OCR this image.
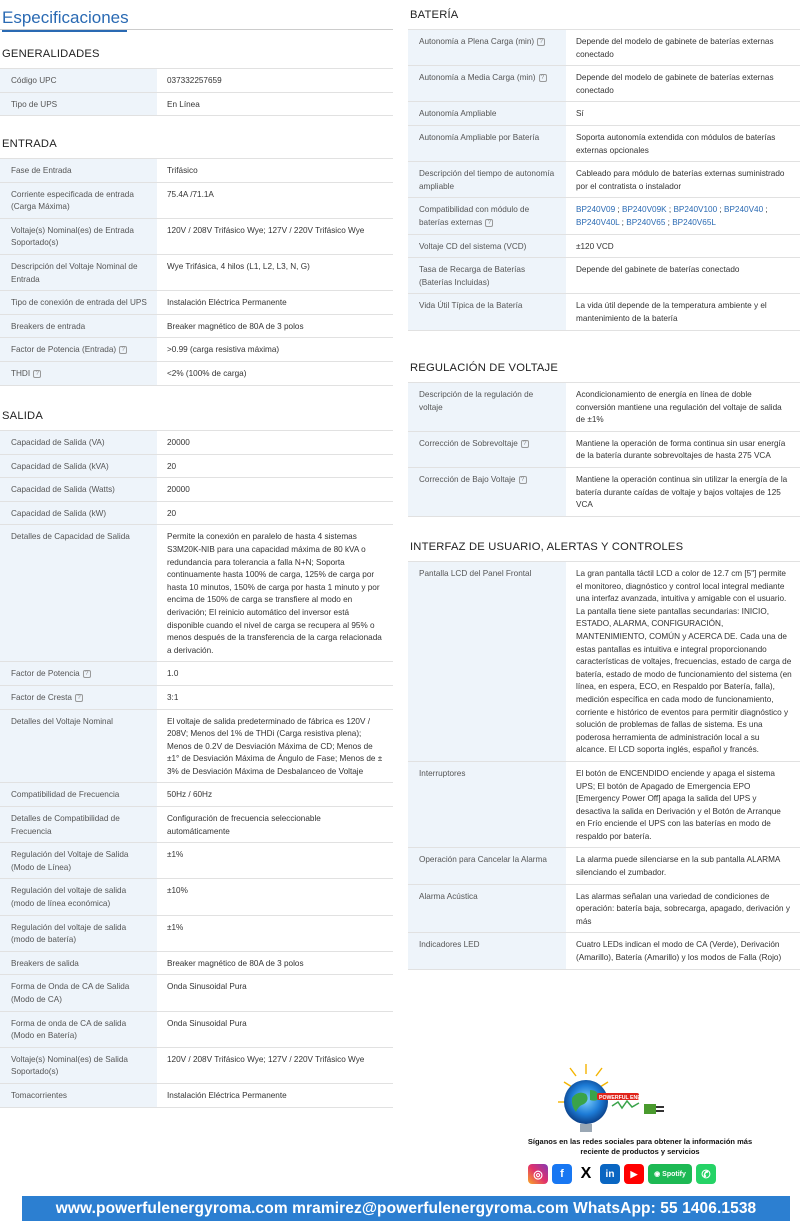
Especificaciones
GENERALIDADES
Código UPC	037332257659
Tipo de UPS	En Línea
ENTRADA
Fase de Entrada	Trifásico
Corriente especificada de entrada (Carga Máxima)	75.4A /71.1A
Voltaje(s) Nominal(es) de Entrada Soportado(s)	120V / 208V Trifásico Wye; 127V / 220V Trifásico Wye
Descripción del Voltaje Nominal de Entrada	Wye Trifásica, 4 hilos (L1, L2, L3, N, G)
Tipo de conexión de entrada del UPS	Instalación Eléctrica Permanente
Breakers de entrada	Breaker magnético de 80A de 3 polos
Factor de Potencia (Entrada) ?	>0.99 (carga resistiva máxima)
THDI ?	<2% (100% de carga)
SALIDA
Capacidad de Salida (VA)	20000
Capacidad de Salida (kVA)	20
Capacidad de Salida (Watts)	20000
Capacidad de Salida (kW)	20
Detalles de Capacidad de Salida	Permite la conexión en paralelo de hasta 4 sistemas S3M20K-NIB para una capacidad máxima de 80 kVA o redundancia para tolerancia a falla N+N; Soporta continuamente hasta 100% de carga, 125% de carga por hasta 10 minutos, 150% de carga por hasta 1 minuto y por encima de 150% de carga se transfiere al modo en derivación; El reinicio automático del inversor está disponible cuando el nivel de carga se recupera al 95% o menos después de la transferencia de la carga relacionada a derivación.
Factor de Potencia ?	1.0
Factor de Cresta ?	3:1
Detalles del Voltaje Nominal	El voltaje de salida predeterminado de fábrica es 120V / 208V; Menos del 1% de THDi (Carga resistiva plena); Menos de 0.2V de Desviación Máxima de CD; Menos de ±1° de Desviación Máxima de Ángulo de Fase; Menos de ± 3% de Desviación Máxima de Desbalanceo de Voltaje
Compatibilidad de Frecuencia	50Hz / 60Hz
Detalles de Compatibilidad de Frecuencia	Configuración de frecuencia seleccionable automáticamente
Regulación del Voltaje de Salida (Modo de Línea)	±1%
Regulación del voltaje de salida (modo de línea económica)	±10%
Regulación del voltaje de salida (modo de batería)	±1%
Breakers de salida	Breaker magnético de 80A de 3 polos
Forma de Onda de CA de Salida (Modo de CA)	Onda Sinusoidal Pura
Forma de onda de CA de salida (Modo en Batería)	Onda Sinusoidal Pura
Voltaje(s) Nominal(es) de Salida Soportado(s)	120V / 208V Trifásico Wye; 127V / 220V Trifásico Wye
Tomacorrientes	Instalación Eléctrica Permanente
BATERÍA
Autonomía a Plena Carga (min) ?	Depende del modelo de gabinete de baterías externas conectado
Autonomía a Media Carga (min) ?	Depende del modelo de gabinete de baterías externas conectado
Autonomía Ampliable	Sí
Autonomía Ampliable por Batería	Soporta autonomía extendida con módulos de baterías externas opcionales
Descripción del tiempo de autonomía ampliable	Cableado para módulo de baterías externas suministrado por el contratista o instalador
Compatibilidad con módulo de baterías externas ?	BP240V09 ; BP240V09K ; BP240V100 ; BP240V40 ; BP240V40L ; BP240V65 ; BP240V65L
Voltaje CD del sistema (VCD)	±120 VCD
Tasa de Recarga de Baterías (Baterías Incluidas)	Depende del gabinete de baterías conectado
Vida Útil Típica de la Batería	La vida útil depende de la temperatura ambiente y el mantenimiento de la batería
REGULACIÓN DE VOLTAJE
Descripción de la regulación de voltaje	Acondicionamiento de energía en línea de doble conversión mantiene una regulación del voltaje de salida de ±1%
Corrección de Sobrevoltaje ?	Mantiene la operación de forma continua sin usar energía de la batería durante sobrevoltajes de hasta 275 VCA
Corrección de Bajo Voltaje ?	Mantiene la operación continua sin utilizar la energía de la batería durante caídas de voltaje y bajos voltajes de 125 VCA
INTERFAZ DE USUARIO, ALERTAS Y CONTROLES
Pantalla LCD del Panel Frontal	La gran pantalla táctil LCD a color de 12.7 cm [5"] permite el monitoreo, diagnóstico y control local integral mediante una interfaz avanzada, intuitiva y amigable con el usuario. La pantalla tiene siete pantallas secundarias: INICIO, ESTADO, ALARMA, CONFIGURACIÓN, MANTENIMIENTO, COMÚN y ACERCA DE. Cada una de estas pantallas es intuitiva e integral proporcionando características de voltajes, frecuencias, estado de carga de batería, estado de modo de funcionamiento del sistema (en línea, en espera, ECO, en Respaldo por Batería, falla), medición específica en cada modo de funcionamiento, corriente e histórico de eventos para permitir diagnóstico y solución de problemas de fallas de sistema. Es una poderosa herramienta de administración local a su alcance. El LCD soporta inglés, español y francés.
Interruptores	El botón de ENCENDIDO enciende y apaga el sistema UPS; El botón de Apagado de Emergencia EPO [Emergency Power Off] apaga la salida del UPS y desactiva la salida en Derivación y el Botón de Arranque en Frío enciende el UPS con las baterías en modo de respaldo por batería.
Operación para Cancelar la Alarma	La alarma puede silenciarse en la sub pantalla ALARMA silenciando el zumbador.
Alarma Acústica	Las alarmas señalan una variedad de condiciones de operación: batería baja, sobrecarga, apagado, derivación y más
Indicadores LED	Cuatro LEDs indican el modo de CA (Verde), Derivación (Amarillo), Batería (Amarillo) y los modos de Falla (Rojo)
POWERFUL ENERGY
Síganos en las redes sociales para obtener la información más reciente de productos y servicios
◎	f	X	in	▶	◉ Spotify	✆
www.powerfulenergyroma.com mramirez@powerfulenergyroma.com WhatsApp: 55 1406.1538
